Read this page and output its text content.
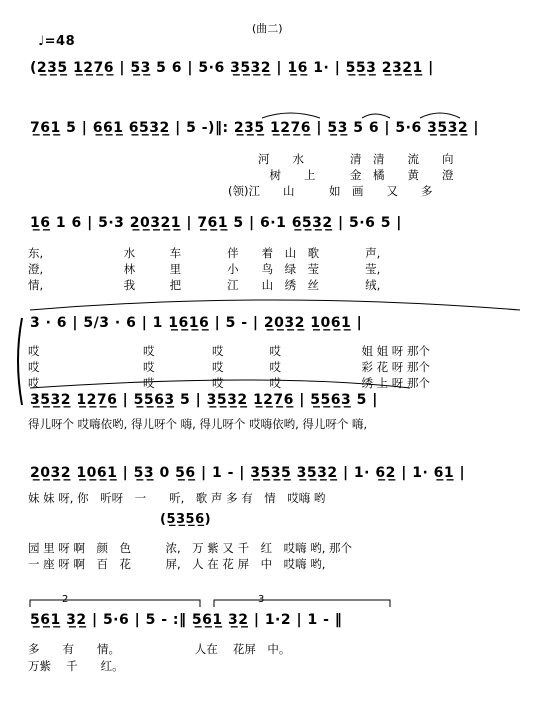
(曲二)
♩=48
(2̲3̲5̲ 1̲2̲7̲6̲ | 5̲3̲ 5 6 | 5·6 3̲5̲3̲2̲ | 1̲6̲ 1· | 5̲5̲3̲ 2̲3̲2̲1̲ |
7̲6̲1̲ 5 | 6̲6̲1̲ 6̲5̲3̲2̲ | 5 -)‖: 2̲3̲5̲ 1̲2̲7̲6̲ | 5̲3̲ 5 6 | 5·6 3̲5̲3̲2̲ |
1̲6̲ 1 6 | 5·3 2̲0̲3̲2̲1̲ | 7̲6̲1̲ 5 | 6·1 6̲5̲3̲2̲ | 5·6 5 |
3 · 6 | 5/3 · 6 | 1 1̲6̲1̲6̲ | 5 - | 2̲0̲3̲2̲ 1̲0̲6̲1̲ |
3̲5̲3̲2̲ 1̲2̲7̲6̲ | 5̲5̲6̲3̲ 5 | 3̲5̲3̲2̲ 1̲2̲7̲6̲ | 5̲5̲6̲3̲ 5 |
2̲0̲3̲2̲ 1̲0̲6̲1̲ | 5̲3̲ 0 5̲6̲ | 1 - | 3̲5̲3̲5̲ 3̲5̲3̲2̲ | 1· 6̲2̲ | 1· 6̲1̲ |
5̲6̲1̲ 3̲2̲ | 5·6 | 5 - :‖ 5̲6̲1̲ 3̲2̲ | 1·2 | 1 - ‖
河　　水　　　　清　清　　流　　向
　树　　上　　　金　橘　　黄　　澄
(领)江　　山　　　如　画　　又　　多
东,　　　　　　　水　　　车　　　　伴　　着　山　歌　　　　声,
澄,　　　　　　　林　　　里　　　　小　　鸟　绿　莹　　　　莹,
情,　　　　　　　我　　　把　　　　江　　山　绣　丝　　　　绒,
哎　　　　　　　　　哎　　　　　哎　　　　哎　　　　　　　姐 姐 呀 那个
哎　　　　　　　　　哎　　　　　哎　　　　哎　　　　　　　彩 花 呀 那个
哎　　　　　　　　　哎　　　　　哎　　　　哎　　　　　　　绣 上 呀 那个
得儿呀个 哎嗨依哟, 得儿呀个 嗨, 得儿呀个 哎嗨依哟, 得儿呀个 嗨,
妹 妹 呀, 你　听呀　一　　听,　歌 声 多 有　情　哎嗨 哟
园 里 呀 啊　颜　色　　　浓,　万 紫 又 千　红　哎嗨 哟, 那个
一 座 呀 啊　百　花　　　屏,　人 在 花 屏　中　哎嗨 哟,
多　　有　　情。　　　　　　　人在　 花屏　中。
万紫　 千　　红。
(5̲3̲5̲6̲)
2	3
